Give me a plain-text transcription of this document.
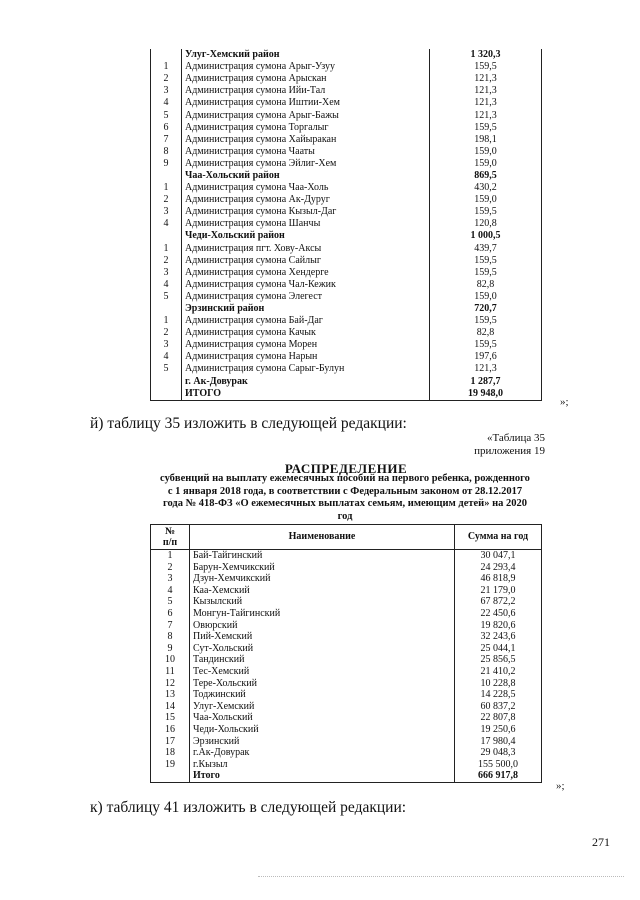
	Улуг-Хемский район	1 320,3
1	Администрация сумона Арыг-Узуу	159,5
2	Администрация сумона Арыскан	121,3
3	Администрация сумона Ийи-Тал	121,3
4	Администрация сумона Иштии-Хем	121,3
5	Администрация сумона Арыг-Бажы	121,3
6	Администрация сумона Торгалыг	159,5
7	Администрация сумона Хайыракан	198,1
8	Администрация сумона Чааты	159,0
9	Администрация сумона Эйлиг-Хем	159,0
	Чаа-Хольский район	869,5
1	Администрация сумона Чаа-Холь	430,2
2	Администрация сумона Ак-Дуруг	159,0
3	Администрация сумона Кызыл-Даг	159,5
4	Администрация сумона Шанчы	120,8
	Чеди-Хольский район	1 000,5
1	Администрация пгт. Хову-Аксы	439,7
2	Администрация сумона Сайлыг	159,5
3	Администрация сумона Хендерге	159,5
4	Администрация сумона Чал-Кежик	82,8
5	Администрация сумона Элегест	159,0
	Эрзинский район	720,7
1	Администрация сумона Бай-Даг	159,5
2	Администрация сумона Качык	82,8
3	Администрация сумона Морен	159,5
4	Администрация сумона Нарын	197,6
5	Администрация сумона Сарыг-Булун	121,3
	г. Ак-Довурак	1 287,7
	ИТОГО	19 948,0
»;
й) таблицу 35 изложить в следующей редакции:
«Таблица 35
приложения 19
РАСПРЕДЕЛЕНИЕ
субвенций на выплату ежемесячных пособий на первого ребенка, рожденного
с 1 января 2018 года, в соответствии с Федеральным законом от 28.12.2017
года № 418-ФЗ «О ежемесячных выплатах семьям, имеющим детей» на 2020
год
№
п/п	Наименование	Сумма на год
1	Бай-Тайгинский	30 047,1
2	Барун-Хемчикский	24 293,4
3	Дзун-Хемчикский	46 818,9
4	Каа-Хемский	21 179,0
5	Кызылский	67 872,2
6	Монгун-Тайгинский	22 450,6
7	Овюрский	19 820,6
8	Пий-Хемский	32 243,6
9	Сут-Хольский	25 044,1
10	Тандинский	25 856,5
11	Тес-Хемский	21 410,2
12	Тере-Хольский	10 228,8
13	Тоджинский	14 228,5
14	Улуг-Хемский	60 837,2
15	Чаа-Хольский	22 807,8
16	Чеди-Хольский	19 250,6
17	Эрзинский	17 980,4
18	г.Ак-Довурак	29 048,3
19	г.Кызыл	155 500,0
	Итого	666 917,8
»;
к) таблицу 41 изложить в следующей редакции:
271
